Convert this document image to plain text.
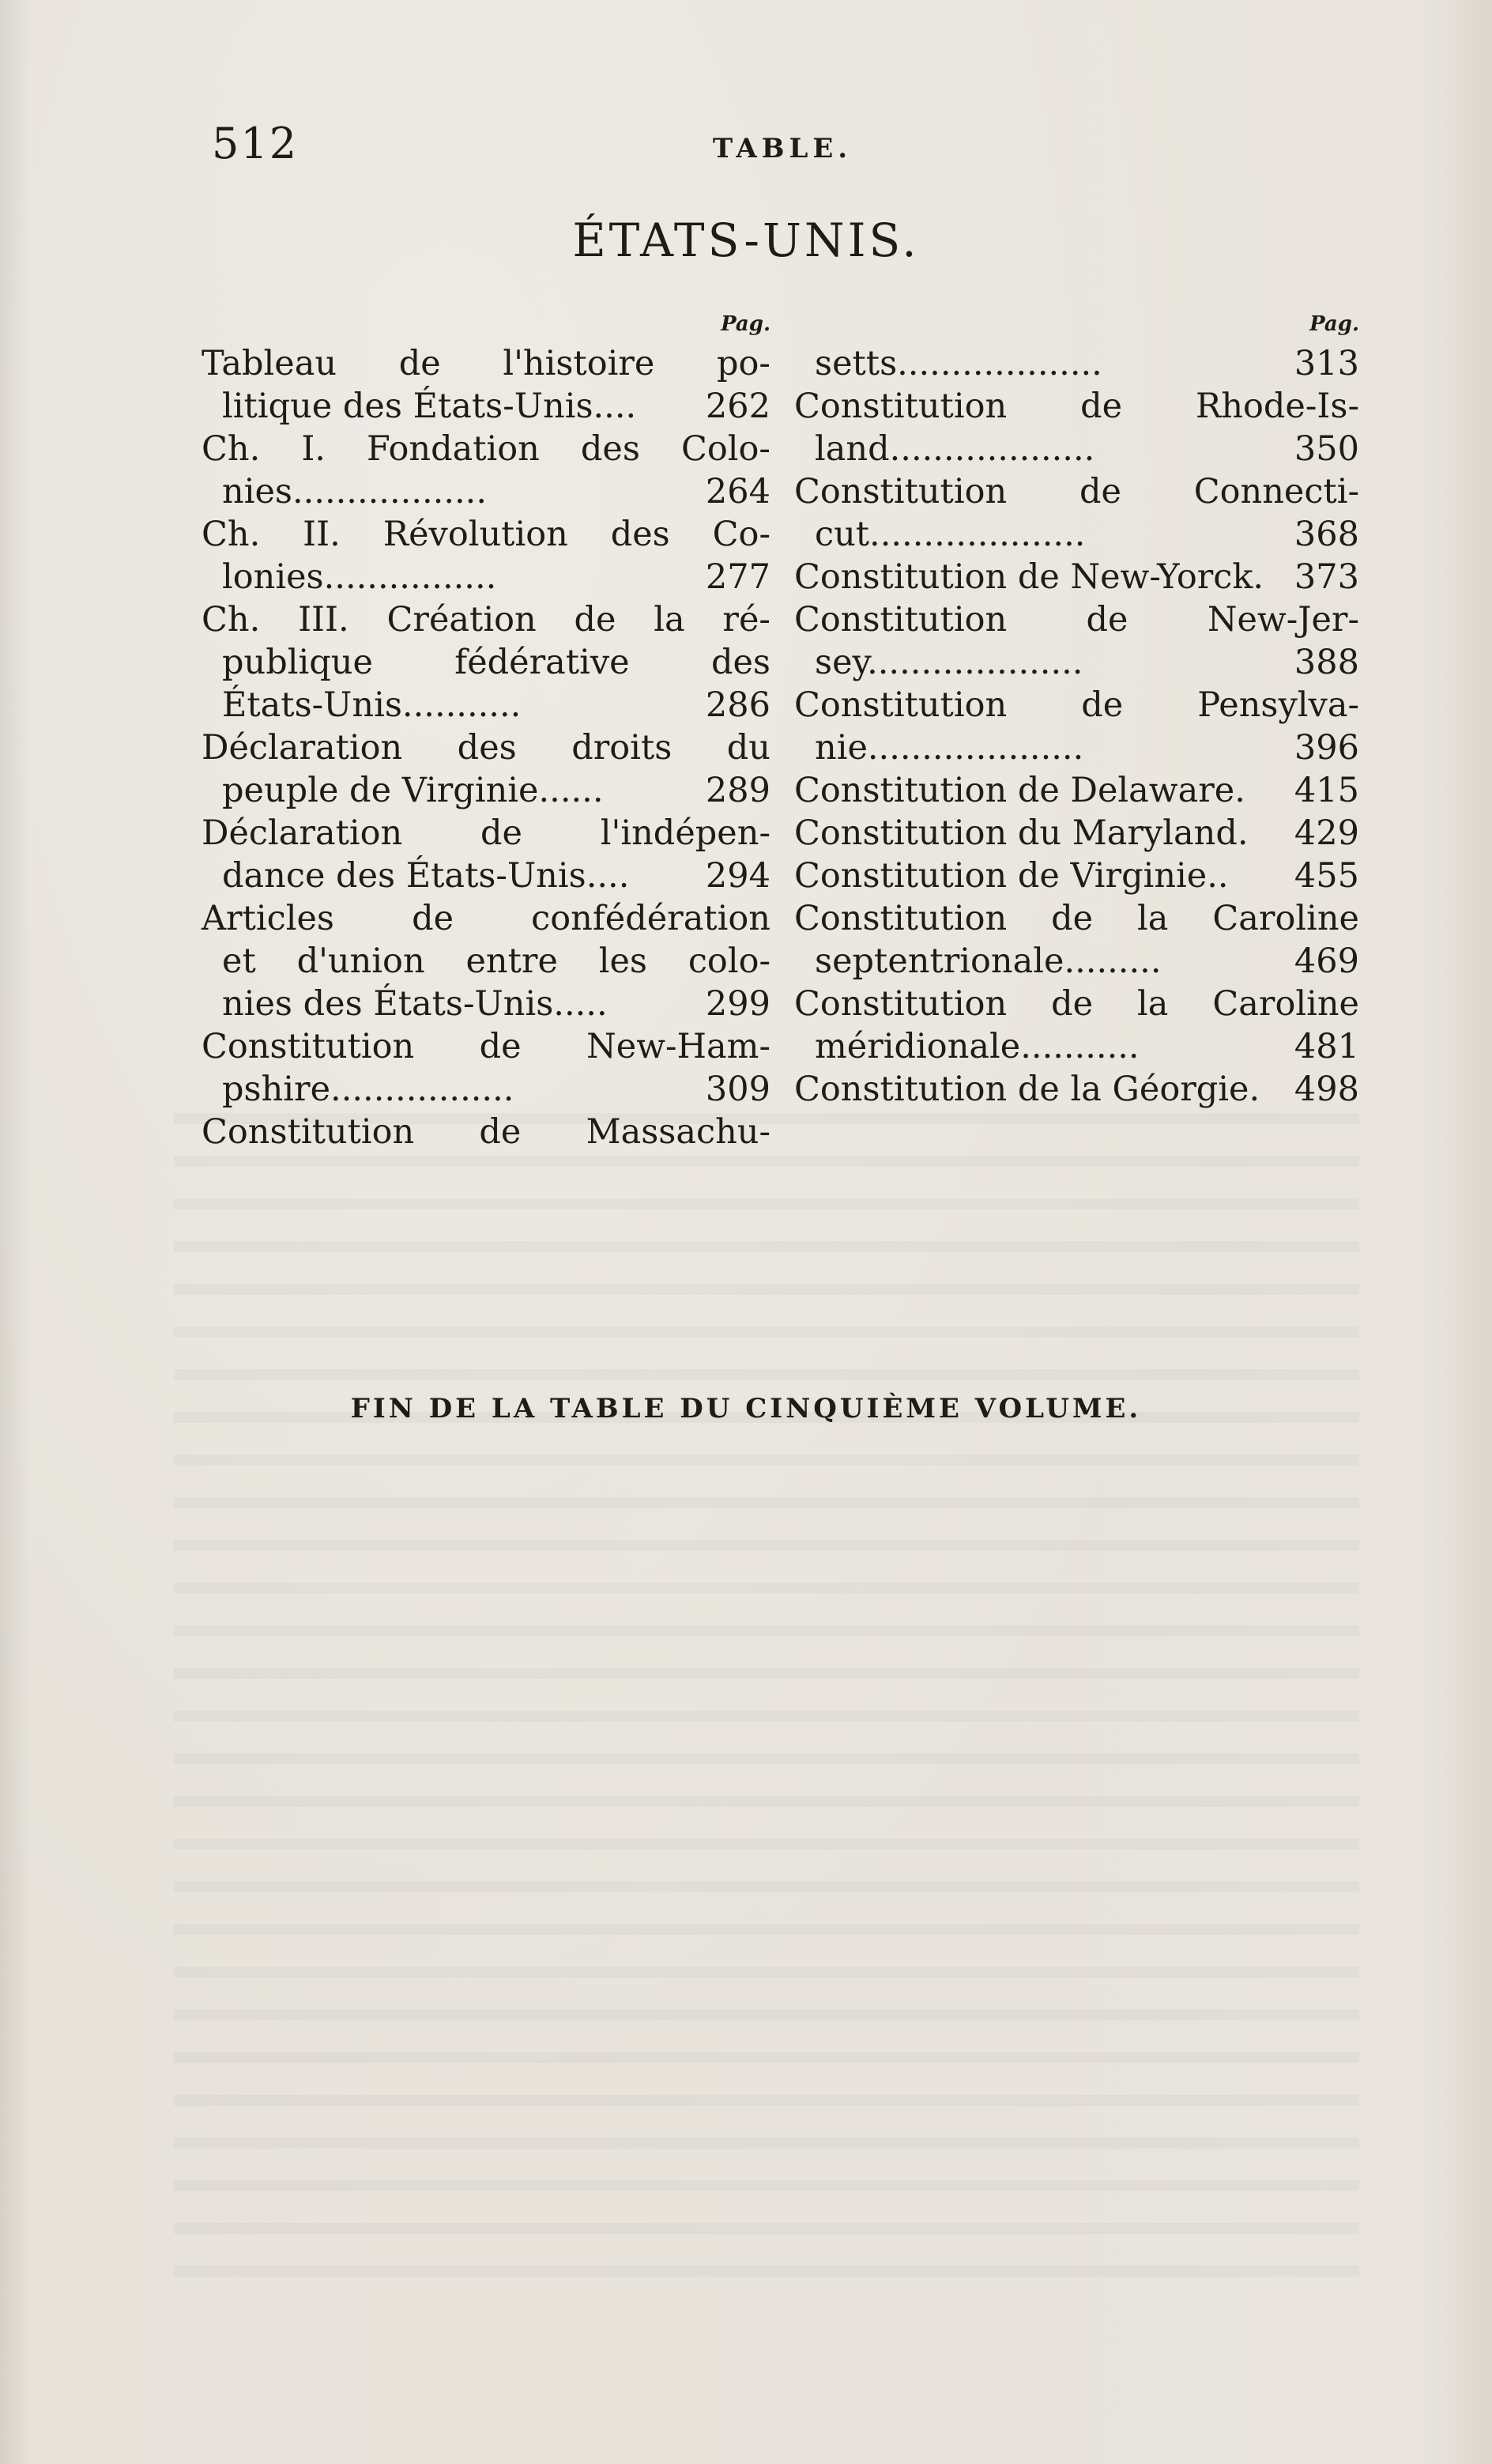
512	TABLE.
ÉTATS-UNIS.
Pag.
Tableau de l'histoire po-
litique des États-Unis.... 262
Ch. I. Fondation des Colo-
nies..................	264
Ch. II. Révolution des Co-
lonies................	277
Ch. III. Création de la ré-
publique fédérative des
États-Unis...........	286
Déclaration des droits du
peuple de Virginie......	289
Déclaration de l'indépen-
dance des États-Unis.... 294
Articles de confédération
et d'union entre les colo-
nies des États-Unis.....	299
Constitution de New-Ham-
pshire.................	309
Constitution de Massachu-
Pag.
setts...................	313
Constitution de Rhode-Is-
land...................	350
Constitution de Connecti-
cut....................	368
Constitution de New-Yorck. 373
Constitution de New-Jer-
sey....................	388
Constitution de Pensylva-
nie....................	396
Constitution de Delaware. 415
Constitution du Maryland. 429
Constitution de Virginie.. 455
Constitution de la Caroline
septentrionale.........	469
Constitution de la Caroline
méridionale...........	481
Constitution de la Géorgie. 498
FIN DE LA TABLE DU CINQUIÈME VOLUME.
